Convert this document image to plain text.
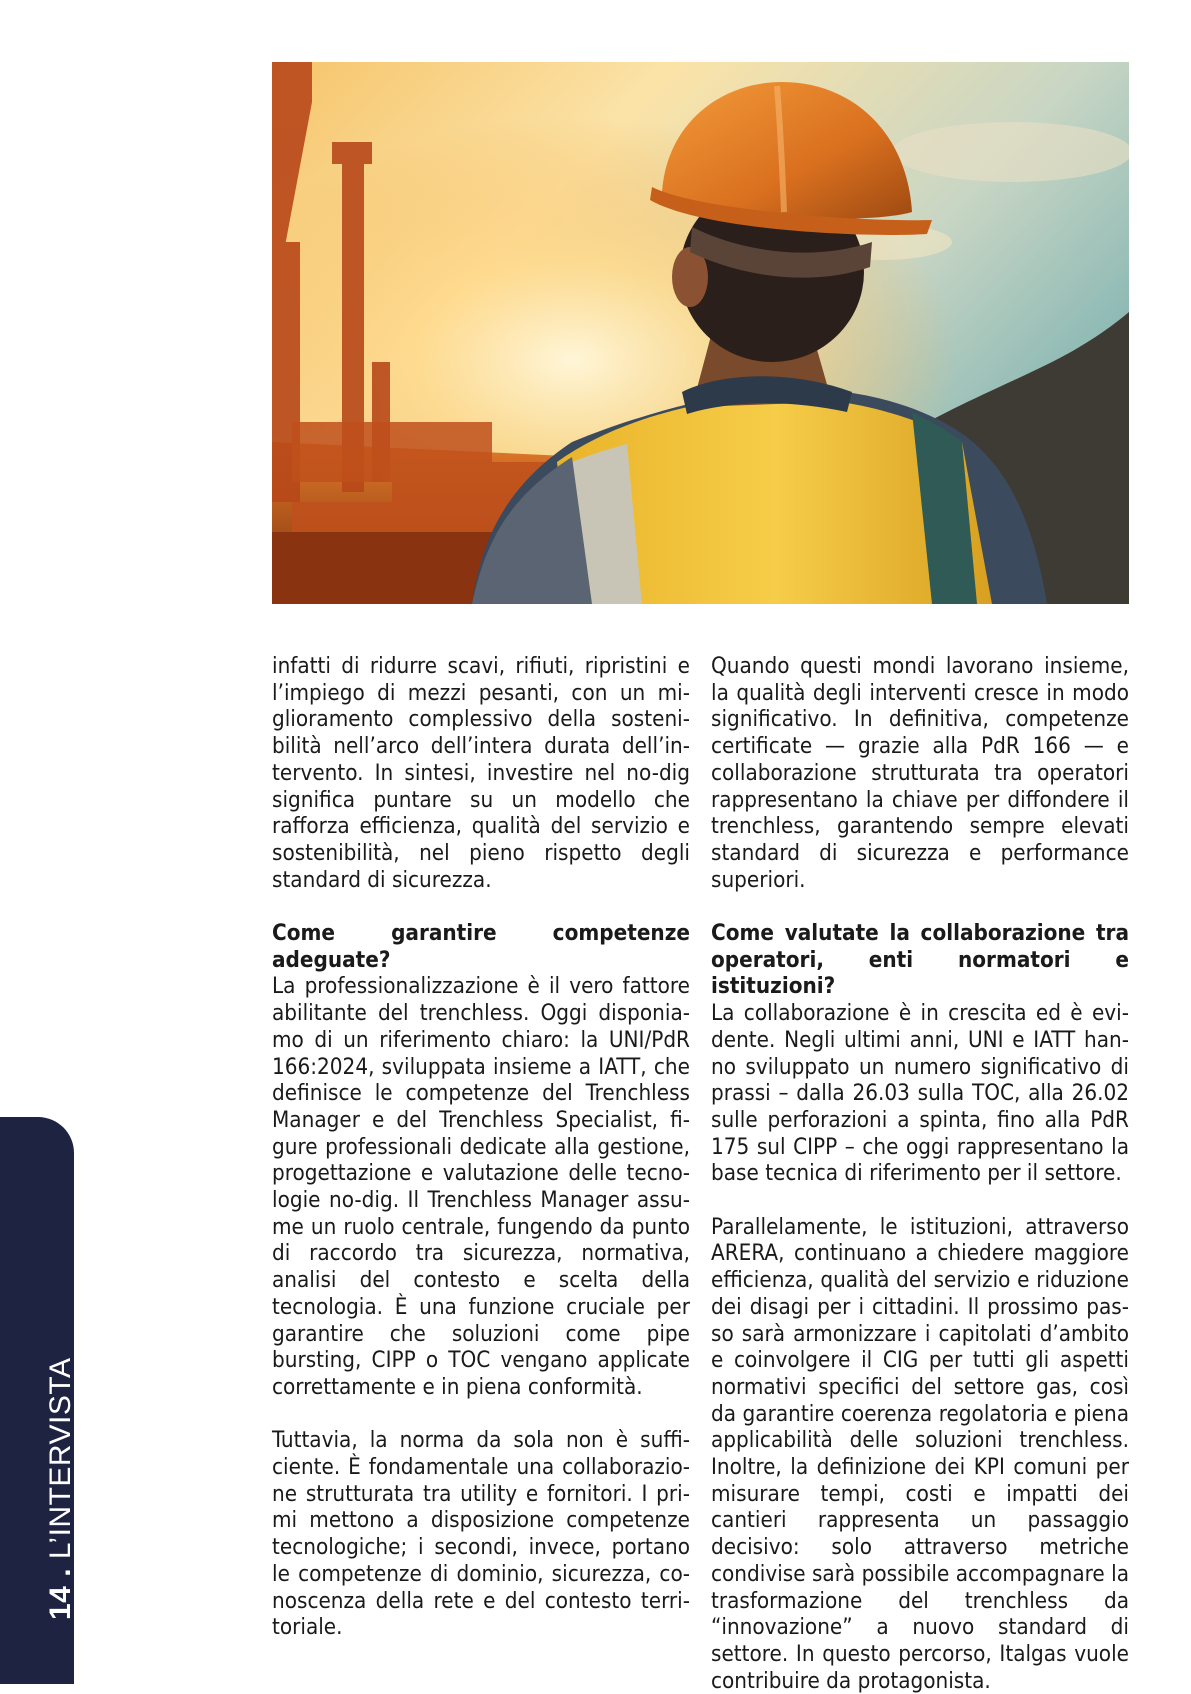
infatti di ridurre scavi, rifiuti, ripristini e l’impiego di mezzi pesanti, con un miglioramento complessivo della sostenibilità nell’arco dell’intera durata dell’intervento. In sintesi, investire nel no-dig significa puntare su un modello che rafforza efficienza, qualità del servizio e sostenibilità, nel pieno rispetto degli standard di sicurezza.

Come garantire competenze adeguate?

La professionalizzazione è il vero fattore abilitante del trenchless. Oggi disponiamo di un riferimento chiaro: la UNI/PdR 166:2024, sviluppata insieme a IATT, che definisce le competenze del Trenchless Manager e del Trenchless Specialist, figure professionali dedicate alla gestione, progettazione e valutazione delle tecnologie no-dig. Il Trenchless Manager assume un ruolo centrale, fungendo da punto di raccordo tra sicurezza, normativa, analisi del contesto e scelta della tecnologia. È una funzione cruciale per garantire che soluzioni come pipe bursting, CIPP o TOC vengano applicate correttamente e in piena conformità.

Tuttavia, la norma da sola non è sufficiente. È fondamentale una collaborazione strutturata tra utility e fornitori. I primi mettono a disposizione competenze tecnologiche; i secondi, invece, portano le competenze di dominio, sicurezza, conoscenza della rete e del contesto territoriale.

Quando questi mondi lavorano insieme, la qualità degli interventi cresce in modo significativo. In definitiva, competenze certificate — grazie alla PdR 166 — e collaborazione strutturata tra operatori rappresentano la chiave per diffondere il trenchless, garantendo sempre elevati standard di sicurezza e performance superiori.

Come valutate la collaborazione tra operatori, enti normatori e istituzioni?

La collaborazione è in crescita ed è evidente. Negli ultimi anni, UNI e IATT hanno sviluppato un numero significativo di prassi – dalla 26.03 sulla TOC, alla 26.02 sulle perforazioni a spinta, fino alla PdR 175 sul CIPP – che oggi rappresentano la base tecnica di riferimento per il settore.

Parallelamente, le istituzioni, attraverso ARERA, continuano a chiedere maggiore efficienza, qualità del servizio e riduzione dei disagi per i cittadini. Il prossimo passo sarà armonizzare i capitolati d’ambito e coinvolgere il CIG per tutti gli aspetti normativi specifici del settore gas, così da garantire coerenza regolatoria e piena applicabilità delle soluzioni trenchless. Inoltre, la definizione dei KPI comuni per misurare tempi, costi e impatti dei cantieri rappresenta un passaggio decisivo: solo attraverso metriche condivise sarà possibile accompagnare la trasformazione del trenchless da “innovazione” a nuovo standard di settore. In questo percorso, Italgas vuole contribuire da protagonista.

14 . L’INTERVISTA
